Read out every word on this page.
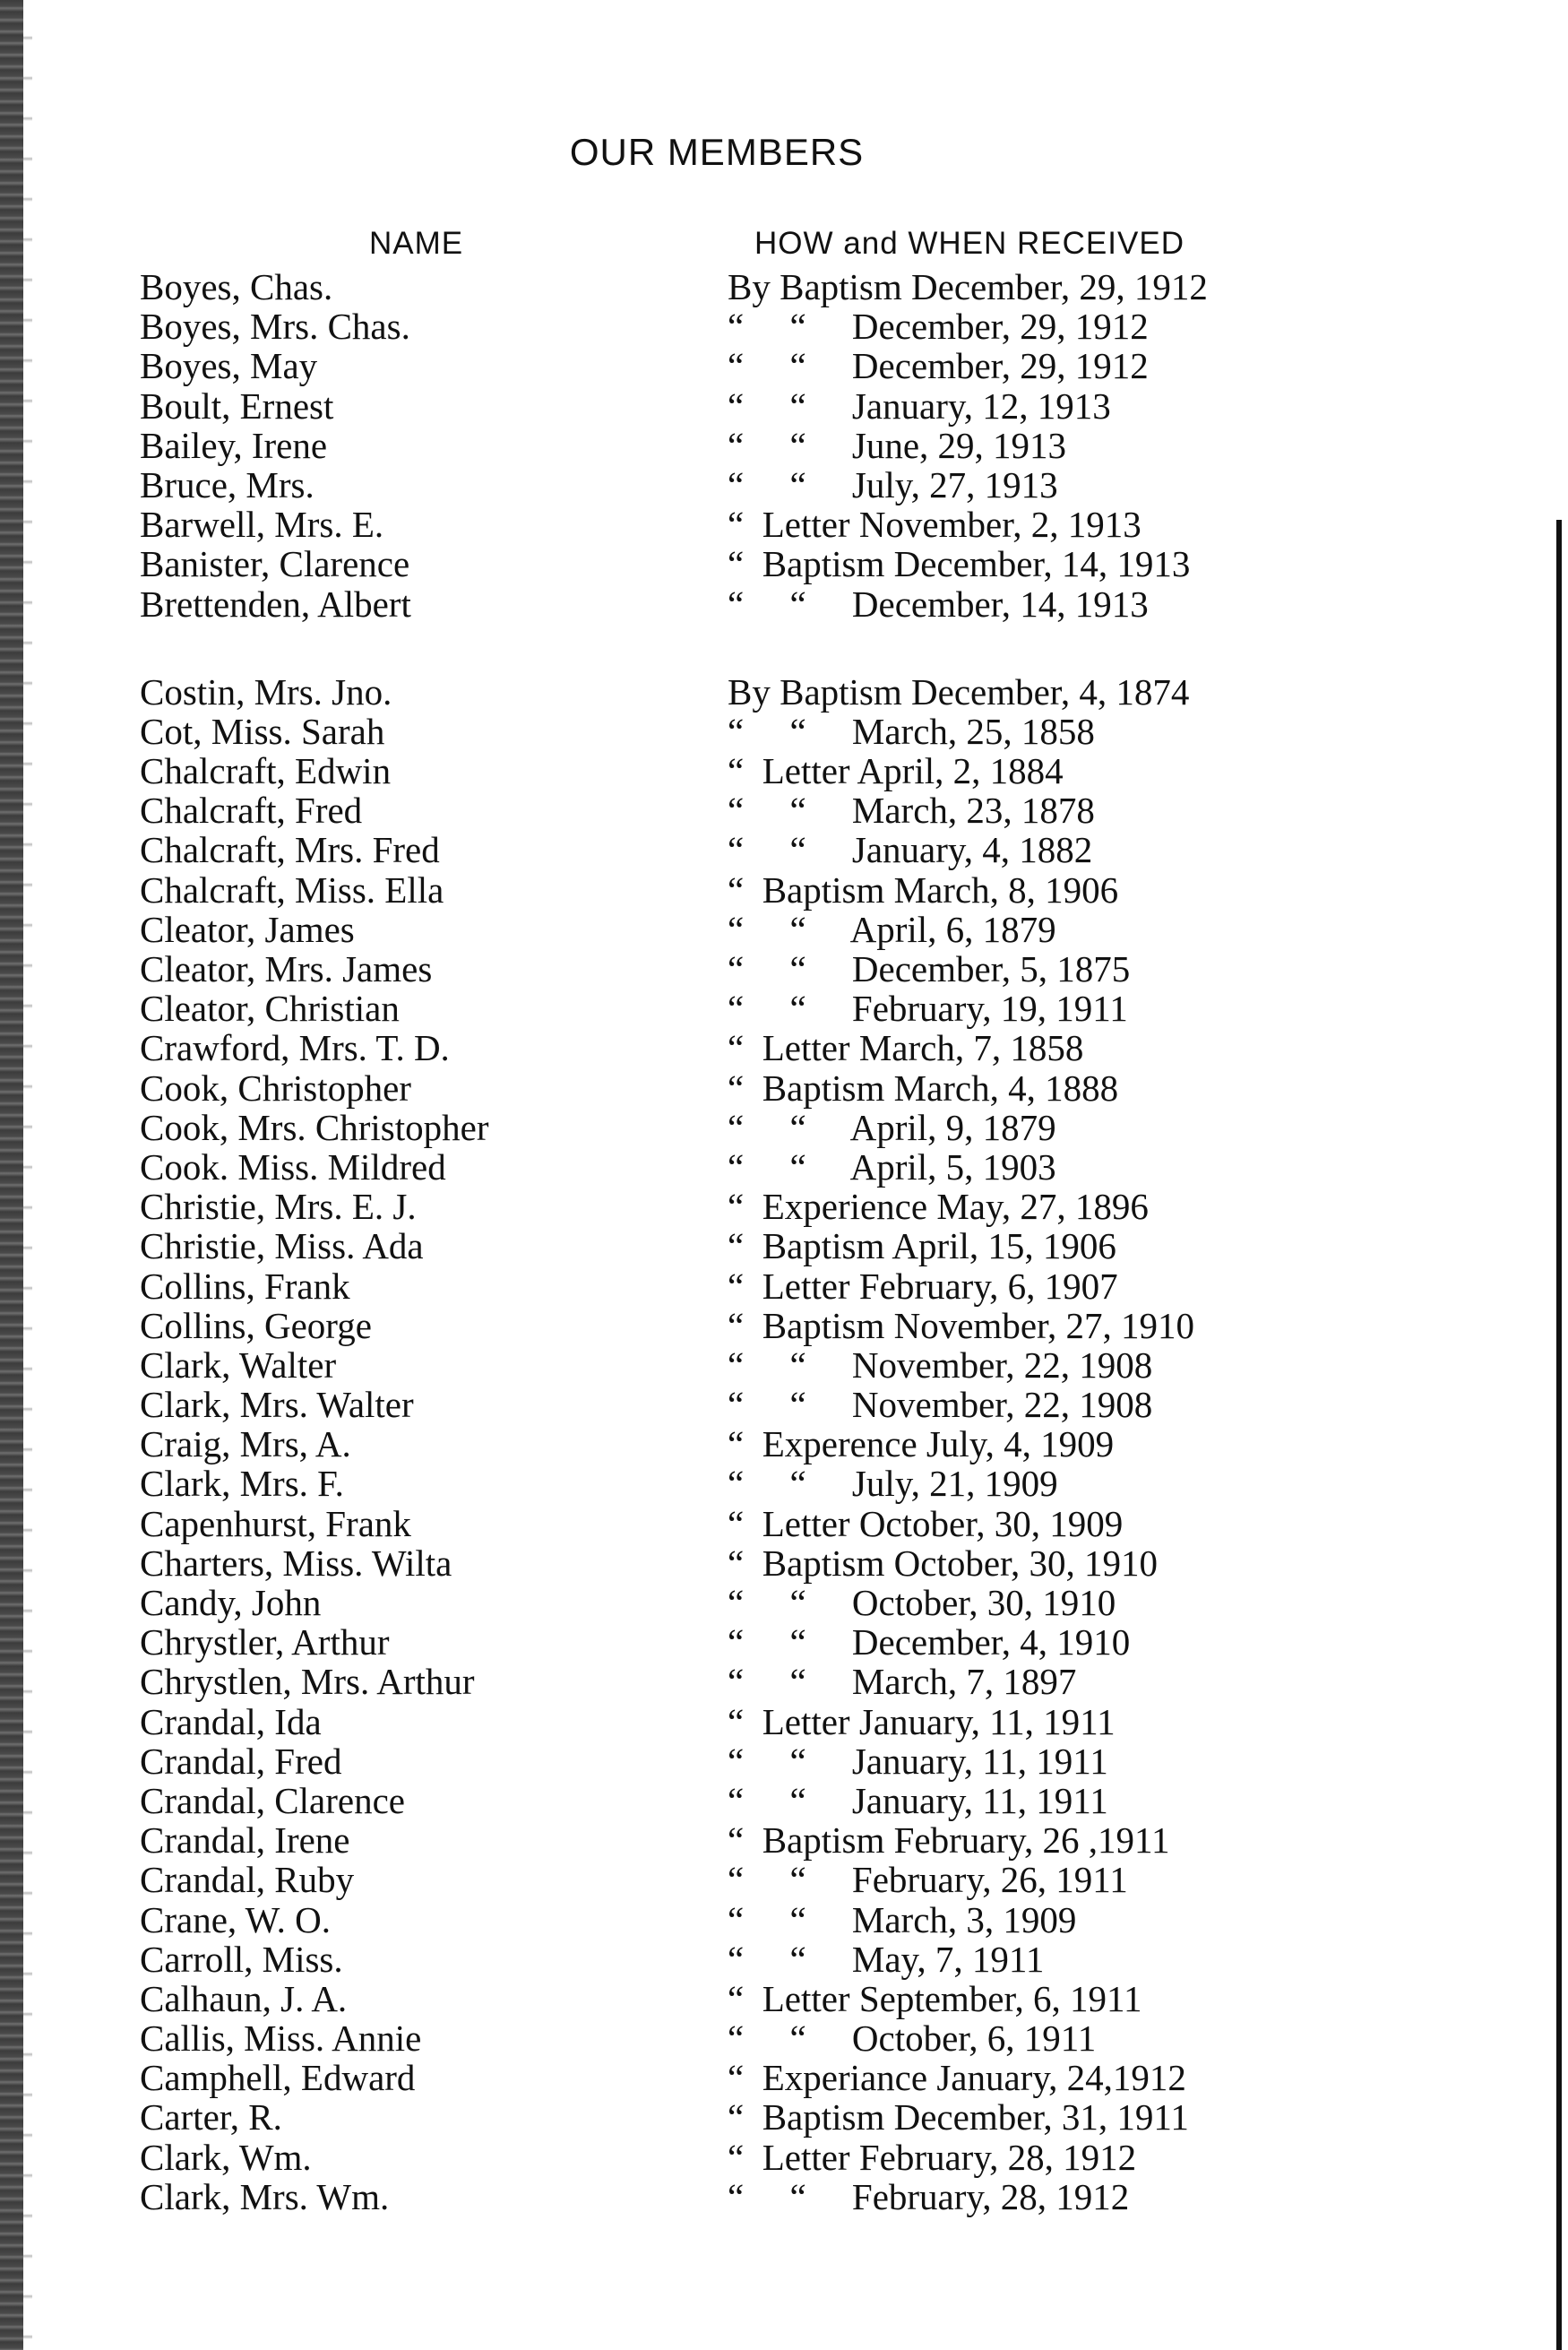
OUR MEMBERS
NAME	HOW and WHEN RECEIVED
Boyes, Chas.	By Baptism December, 29, 1912
Boyes, Mrs. Chas.	“     “     December, 29, 1912
Boyes, May	“     “     December, 29, 1912
Boult, Ernest	“     “     January, 12, 1913
Bailey, Irene	“     “     June, 29, 1913
Bruce, Mrs.	“     “     July, 27, 1913
Barwell, Mrs. E.	“  Letter November, 2, 1913
Banister, Clarence	“  Baptism December, 14, 1913
Brettenden, Albert	“     “     December, 14, 1913
Costin, Mrs. Jno.	By Baptism December, 4, 1874
Cot, Miss. Sarah	“     “     March, 25, 1858
Chalcraft, Edwin	“  Letter April, 2, 1884
Chalcraft, Fred	“     “     March, 23, 1878
Chalcraft, Mrs. Fred	“     “     January, 4, 1882
Chalcraft, Miss. Ella	“  Baptism March, 8, 1906
Cleator, James	“     “     April, 6, 1879
Cleator, Mrs. James	“     “     December, 5, 1875
Cleator, Christian	“     “     February, 19, 1911
Crawford, Mrs. T. D.	“  Letter March, 7, 1858
Cook, Christopher	“  Baptism March, 4, 1888
Cook, Mrs. Christopher	“     “     April, 9, 1879
Cook. Miss. Mildred	“     “     April, 5, 1903
Christie, Mrs. E. J.	“  Experience May, 27, 1896
Christie, Miss. Ada	“  Baptism April, 15, 1906
Collins, Frank	“  Letter February, 6, 1907
Collins, George	“  Baptism November, 27, 1910
Clark, Walter	“     “     November, 22, 1908
Clark, Mrs. Walter	“     “     November, 22, 1908
Craig, Mrs, A.	“  Experence July, 4, 1909
Clark, Mrs. F.	“     “     July, 21, 1909
Capenhurst, Frank	“  Letter October, 30, 1909
Charters, Miss. Wilta	“  Baptism October, 30, 1910
Candy, John	“     “     October, 30, 1910
Chrystler, Arthur	“     “     December, 4, 1910
Chrystlen, Mrs. Arthur	“     “     March, 7, 1897
Crandal, Ida	“  Letter January, 11, 1911
Crandal, Fred	“     “     January, 11, 1911
Crandal, Clarence	“     “     January, 11, 1911
Crandal, Irene	“  Baptism February, 26 ,1911
Crandal, Ruby	“     “     February, 26, 1911
Crane, W. O.	“     “     March, 3, 1909
Carroll, Miss.	“     “     May, 7, 1911
Calhaun, J. A.	“  Letter September, 6, 1911
Callis, Miss. Annie	“     “     October, 6, 1911
Camphell, Edward	“  Experiance January, 24,1912
Carter, R.	“  Baptism December, 31, 1911
Clark, Wm.	“  Letter February, 28, 1912
Clark, Mrs. Wm.	“     “     February, 28, 1912
